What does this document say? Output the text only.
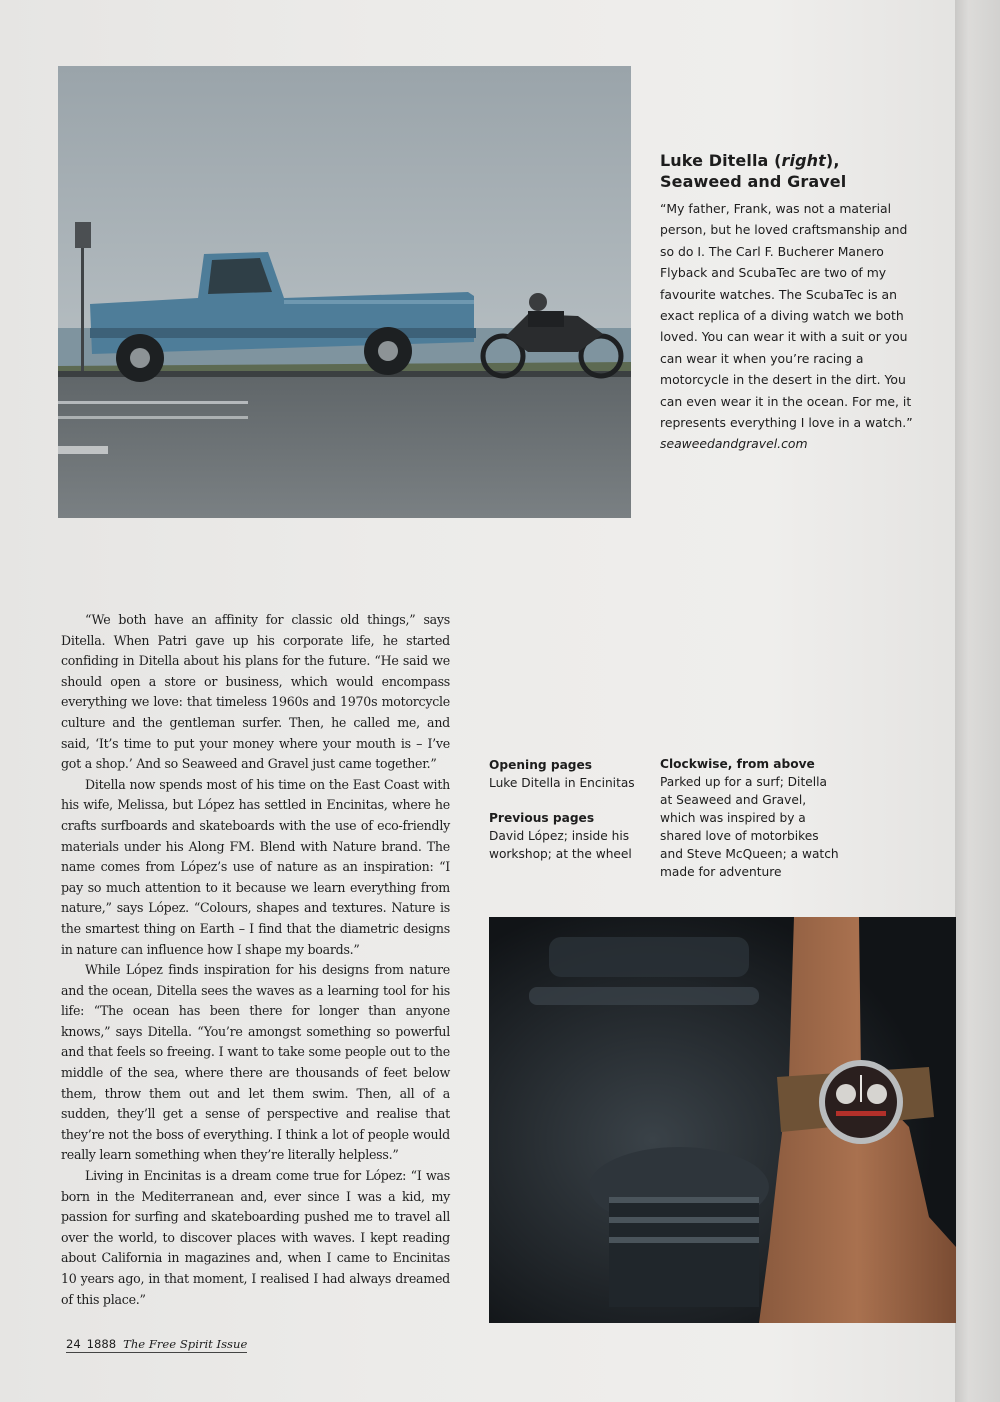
Luke Ditella (right),
Seaweed and Gravel

“My father, Frank, was not a material person, but he loved craftsmanship and so do I. The Carl F. Bucherer Manero Flyback and ScubaTec are two of my favourite watches. The ScubaTec is an exact replica of a diving watch we both loved. You can wear it with a suit or you can wear it when you’re racing a motorcycle in the desert in the dirt. You can even wear it in the ocean. For me, it represents everything I love in a watch.” seaweedandgravel.com

“We both have an affinity for classic old things,” says Ditella. When Patri gave up his corporate life, he started confiding in Ditella about his plans for the future. “He said we should open a store or business, which would encompass everything we love: that timeless 1960s and 1970s motorcycle culture and the gentleman surfer. Then, he called me, and said, ‘It’s time to put your money where your mouth is – I’ve got a shop.’ And so Seaweed and Gravel just came together.”

Ditella now spends most of his time on the East Coast with his wife, Melissa, but López has settled in Encinitas, where he crafts surfboards and skateboards with the use of eco-friendly materials under his Along FM. Blend with Nature brand. The name comes from López’s use of nature as an inspiration: “I pay so much attention to it because we learn everything from nature,” says López. “Colours, shapes and textures. Nature is the smartest thing on Earth – I find that the diametric designs in nature can influence how I shape my boards.”

While López finds inspiration for his designs from nature and the ocean, Ditella sees the waves as a learning tool for his life: “The ocean has been there for longer than anyone knows,” says Ditella. “You’re amongst something so powerful and that feels so freeing. I want to take some people out to the middle of the sea, where there are thousands of feet below them, throw them out and let them swim. Then, all of a sudden, they’ll get a sense of perspective and realise that they’re not the boss of everything. I think a lot of people would really learn something when they’re literally helpless.”

Living in Encinitas is a dream come true for López: “I was born in the Mediterranean and, ever since I was a kid, my passion for surfing and skateboarding pushed me to travel all over the world, to discover places with waves. I kept reading about California in magazines and, when I came to Encinitas 10 years ago, in that moment, I realised I had always dreamed of this place.”

Opening pages
Luke Ditella in Encinitas
Previous pages
David López; inside his workshop; at the wheel
Clockwise, from above
Parked up for a surf; Ditella at Seaweed and Gravel, which was inspired by a shared love of motorbikes and Steve McQueen; a watch made for adventure
24 1888 The Free Spirit Issue
